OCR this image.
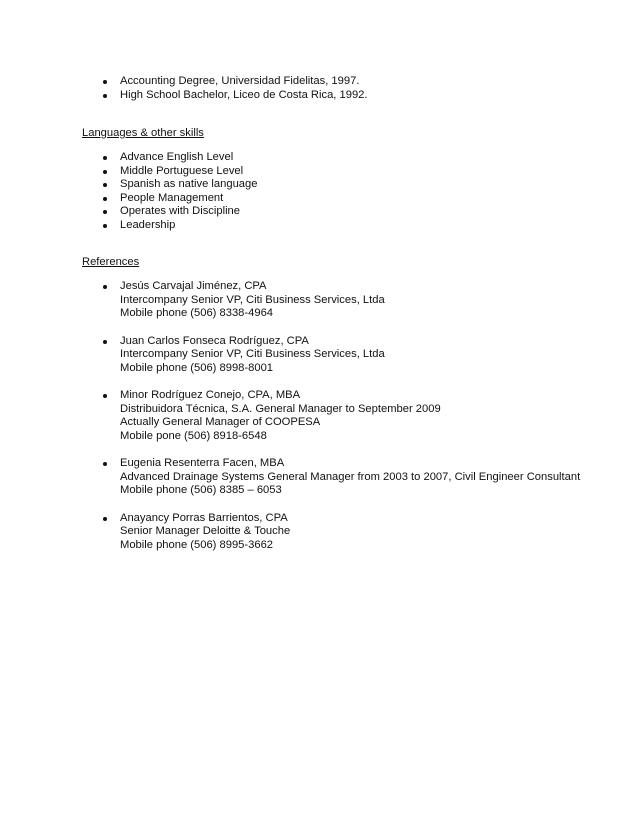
Accounting Degree, Universidad Fidelitas, 1997.
High School Bachelor, Liceo de Costa Rica, 1992.
Languages & other skills
Advance English Level
Middle Portuguese Level
Spanish as native language
People Management
Operates with Discipline
Leadership
References
Jesús Carvajal Jiménez, CPA
Intercompany Senior VP, Citi Business Services, Ltda
Mobile phone (506) 8338-4964
Juan Carlos Fonseca Rodríguez, CPA
Intercompany Senior VP, Citi Business Services, Ltda
Mobile phone (506) 8998-8001
Minor Rodríguez Conejo, CPA, MBA
Distribuidora Técnica, S.A. General Manager to September 2009
Actually General Manager of COOPESA
Mobile pone (506) 8918-6548
Eugenia Resenterra Facen, MBA
Advanced Drainage Systems General Manager from 2003 to 2007, Civil Engineer Consultant
Mobile phone (506) 8385 – 6053
Anayancy Porras Barrientos, CPA
Senior Manager Deloitte & Touche
Mobile phone (506) 8995-3662
